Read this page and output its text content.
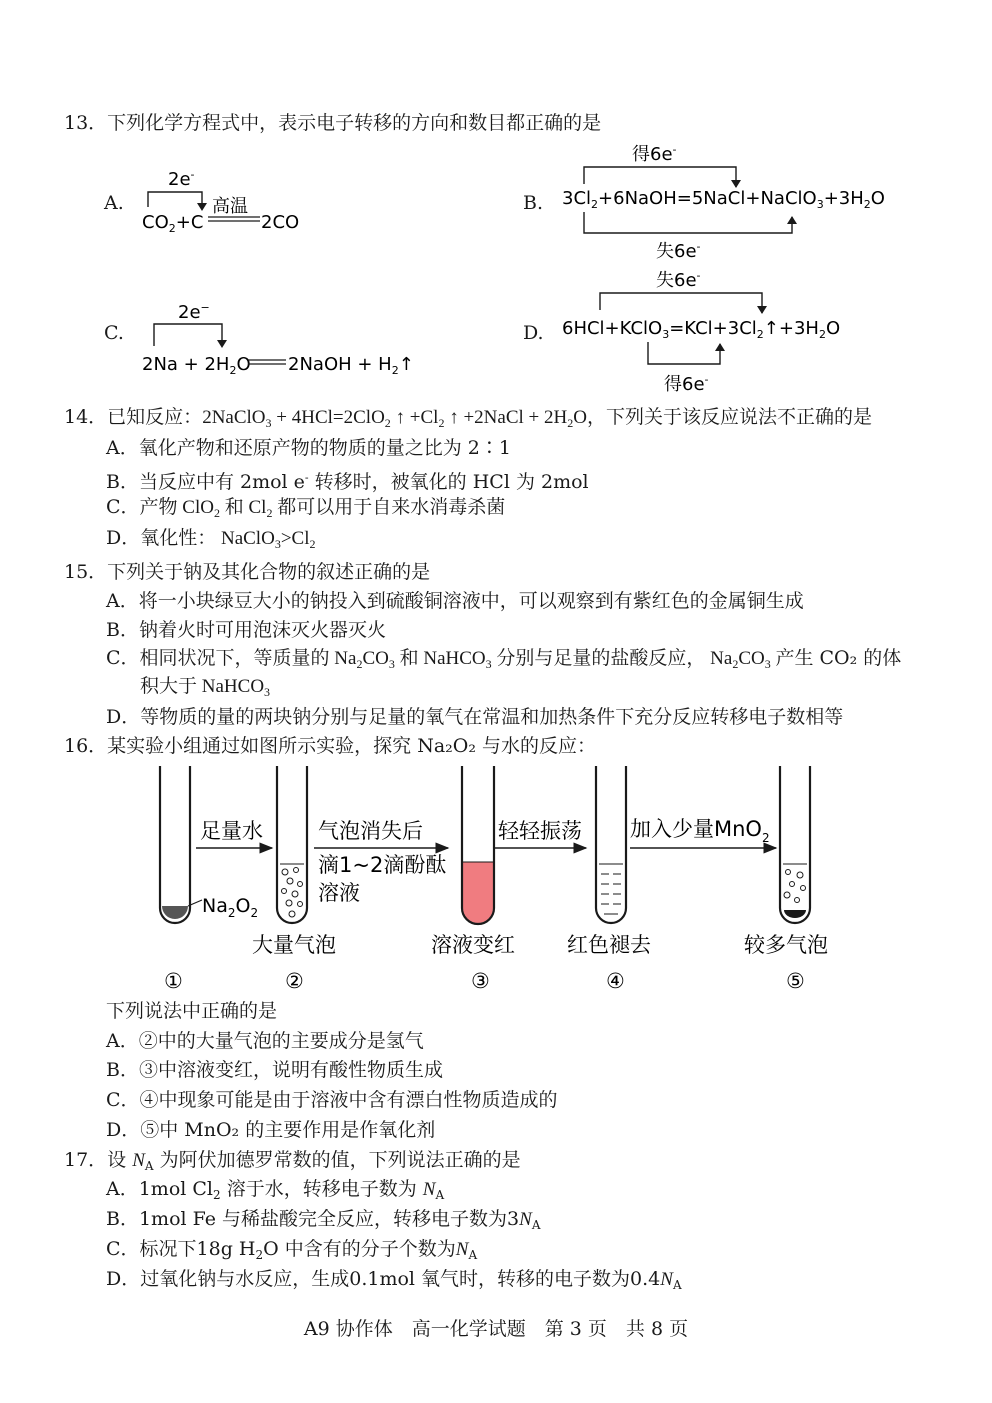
13．下列化学方程式中，表示电子转移的方向和数目都正确的是
A.
2e-
高温
$CO_2+C$	2CO
B.
得6e-
$3Cl_2+6NaOH=5NaCl+NaClO_3+3H_2O$
失6e-
C.
2e−
$2Na + 2H_2O$ 2NaOH + $H_2↑$
D.
失6e-
$6HCl+KClO_3=KCl+3Cl_2↑+3H_2O$
得6e-
14．已知反应：2NaClO$_3$ + 4HCl=2ClO$_2$ ↑ $+Cl_2$ ↑ +2NaCl + $2H_2O$，下列关于该反应说法不正确的是
A．氧化产物和还原产物的物质的量之比为 2∶1
B．当反应中有 2mol e- 转移时，被氧化的 HCl 为 2mol
C．产物 ClO$_2$ 和 $Cl_2$ 都可以用于自来水消毒杀菌
D．氧化性： $NaClO_3>Cl_2$
15．下列关于钠及其化合物的叙述正确的是
A．将一小块绿豆大小的钠投入到硫酸铜溶液中，可以观察到有紫红色的金属铜生成
B．钠着火时可用泡沫灭火器灭火
C．相同状况下，等质量的 $Na_2CO_3$ 和 NaHCO$_3$ 分别与足量的盐酸反应， $Na_2CO_3$ 产生 CO₂ 的体
积大于 NaHCO$_3$
D．等物质的量的两块钠分别与足量的氧气在常温和加热条件下充分反应转移电子数相等
16．某实验小组通过如图所示实验，探究 Na₂O₂ 与水的反应：
$Na_2O_2$
足量水	气泡消失后
滴1~2滴酚酞
溶液
轻轻振荡 加入少量MnO$_2$
大量气泡	溶液变红 红色褪去	较多气泡
①	②	③	④	⑤
下列说法中正确的是
A．②中的大量气泡的主要成分是氢气
B．③中溶液变红，说明有酸性物质生成
C．④中现象可能是由于溶液中含有漂白性物质造成的
D．⑤中 MnO₂ 的主要作用是作氧化剂
17．设 $N_A$ 为阿伏加德罗常数的值，下列说法正确的是
A．1mol $Cl_2$ 溶于水，转移电子数为 $N_A$
B．1mol Fe 与稀盐酸完全反应，转移电子数为$3N_A$
C．标况下18g $H_2O$ 中含有的分子个数为$N_A$
D．过氧化钠与水反应，生成0.1mol 氧气时，转移的电子数为$0.4N_A$
A9 协作体　高一化学试题　第 3 页　共 8 页
